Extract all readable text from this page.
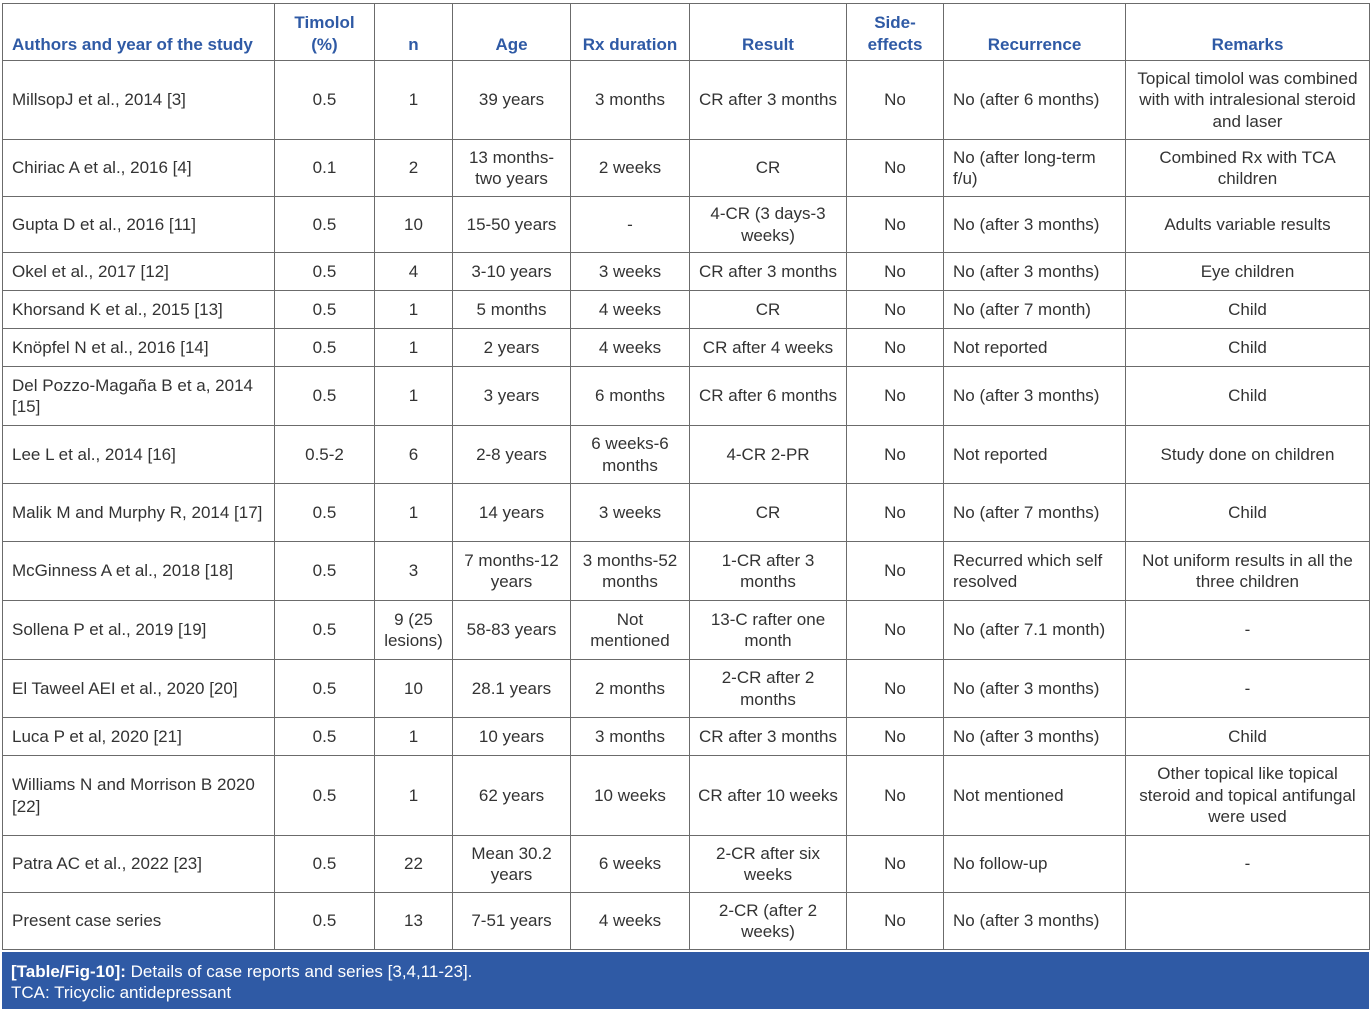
Authors and year of the study	Timolol (%)	n	Age	Rx duration	Result	Side-effects	Recurrence	Remarks
MillsopJ et al., 2014 [3]	0.5	1	39 years	3 months	CR after 3 months	No	No (after 6 months)	Topical timolol was combined with with intralesional steroid and laser
Chiriac A et al., 2016 [4]	0.1	2	13 months-two years	2 weeks	CR	No	No (after long-term f/u)	Combined Rx with TCA children
Gupta D et al., 2016 [11]	0.5	10	15-50 years	-	4-CR (3 days-3 weeks)	No	No (after 3 months)	Adults variable results
Okel et al., 2017 [12]	0.5	4	3-10 years	3 weeks	CR after 3 months	No	No (after 3 months)	Eye children
Khorsand K et al., 2015 [13]	0.5	1	5 months	4 weeks	CR	No	No (after 7 month)	Child
Knöpfel N et al., 2016 [14]	0.5	1	2 years	4 weeks	CR after 4 weeks	No	Not reported	Child
Del Pozzo-Magaña B et a, 2014 [15]	0.5	1	3 years	6 months	CR after 6 months	No	No (after 3 months)	Child
Lee L et al., 2014 [16]	0.5-2	6	2-8 years	6 weeks-6 months	4-CR 2-PR	No	Not reported	Study done on children
Malik M and Murphy R, 2014 [17]	0.5	1	14 years	3 weeks	CR	No	No (after 7 months)	Child
McGinness A et al., 2018 [18]	0.5	3	7 months-12 years	3 months-52 months	1-CR after 3 months	No	Recurred which self resolved	Not uniform results in all the three children
Sollena P et al., 2019 [19]	0.5	9 (25 lesions)	58-83 years	Not mentioned	13-C rafter one month	No	No (after 7.1 month)	-
El Taweel AEI et al., 2020 [20]	0.5	10	28.1 years	2 months	2-CR after 2 months	No	No (after 3 months)	-
Luca P et al, 2020 [21]	0.5	1	10 years	3 months	CR after 3 months	No	No (after 3 months)	Child
Williams N and Morrison B 2020 [22]	0.5	1	62 years	10 weeks	CR after 10 weeks	No	Not mentioned	Other topical like topical steroid and topical antifungal were used
Patra AC et al., 2022 [23]	0.5	22	Mean 30.2 years	6 weeks	2-CR after six weeks	No	No follow-up	-
Present case series	0.5	13	7-51 years	4 weeks	2-CR (after 2 weeks)	No	No (after 3 months)	
[Table/Fig-10]: Details of case reports and series [3,4,11-23].
TCA: Tricyclic antidepressant
